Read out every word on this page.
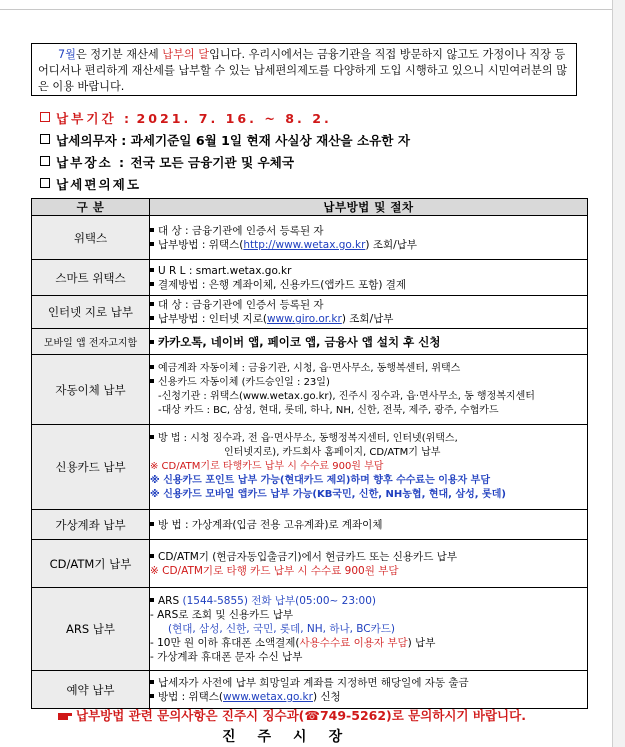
7월은 정기분 재산세 납부의 달입니다. 우리시에서는 금융기관을 직접 방문하지 않고도 가정이나 직장 등 어디서나 편리하게 재산세를 납부할 수 있는 납세편의제도를 다양하게 도입 시행하고 있으니 시민여러분의 많은 이용 바랍니다.
납부기간 : 2021. 7. 16. ~ 8. 2.
납세의무자 : 과세기준일 6월 1일 현재 사실상 재산을 소유한 자
납부장소 : 전국 모든 금융기관 및 우체국
납세편의제도
구 분	납부방법 및 절차
위택스	대 상 : 금융기관에 인증서 등록된 자
납부방법 : 위택스(http://www.wetax.go.kr) 조회/납부

스마트 위택스	U R L : smart.wetax.go.kr
결제방법 : 은행 계좌이체, 신용카드(앱카드 포함) 결제

인터넷 지로 납부	대 상 : 금융기관에 인증서 등록된 자
납부방법 : 인터넷 지로(www.giro.or.kr) 조회/납부

모바일 앱 전자고지함	카카오톡, 네이버 앱, 페이코 앱, 금융사 앱 설치 후 신청

자동이체 납부	예금계좌 자동이체 : 금융기관, 시청, 읍·면사무소, 동행복센터, 위택스
신용카드 자동이체 (카드승인일 : 23일)
-신청기관 : 위택스(www.wetax.go.kr), 진주시 징수과, 읍·면사무소, 동 행정복지센터
-대상 카드 : BC, 삼성, 현대, 롯데, 하나, NH, 신한, 전북, 제주, 광주, 수협카드

신용카드 납부	방 법 : 시청 징수과, 전 읍·면사무소, 동행정복지센터, 인터넷(위택스,
인터넷지로), 카드회사 홈페이지, CD/ATM기 납부
※ CD/ATM기로 타행카드 납부 시 수수료 900원 부담
※ 신용카드 포인트 납부 가능(현대카드 제외)하며 향후 수수료는 이용자 부담
※ 신용카드 모바일 앱카드 납부 가능(KB국민, 신한, NH농협, 현대, 삼성, 롯데)

가상계좌 납부	방 법 : 가상계좌(입금 전용 고유계좌)로 계좌이체

CD/ATM기 납부	CD/ATM기 (현금자동입출금기)에서 현금카드 또는 신용카드 납부
※ CD/ATM기로 타행 카드 납부 시 수수료 900원 부담

ARS 납부	ARS (1544-5855) 전화 납부(05:00~ 23:00)
- ARS로 조회 및 신용카드 납부
(현대, 삼성, 신한, 국민, 롯데, NH, 하나, BC카드)
- 10만 원 이하 휴대폰 소액결제(사용수수료 이용자 부담) 납부
- 가상계좌 휴대폰 문자 수신 납부

예약 납부	납세자가 사전에 납부 희망일과 계좌를 지정하면 해당일에 자동 출금
방법 : 위택스(www.wetax.go.kr) 신청
납부방법 관련 문의사항은 진주시 징수과(☎749-5262)로 문의하시기 바랍니다.
진주시장
